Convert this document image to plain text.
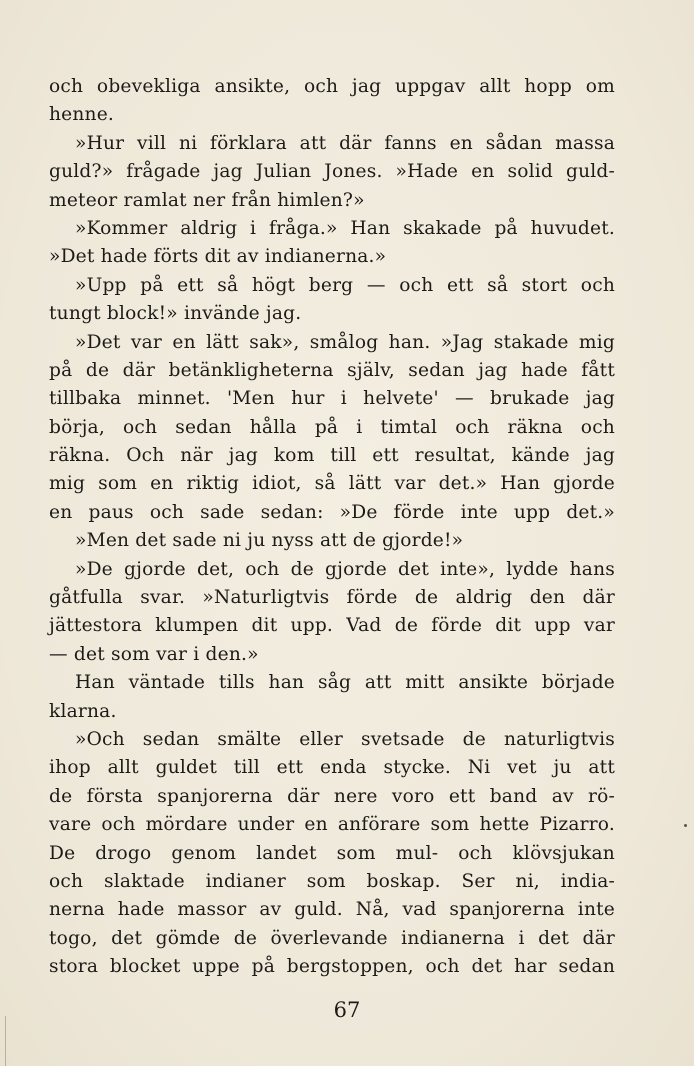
och obevekliga ansikte, och jag uppgav allt hopp om
henne.
»Hur vill ni förklara att där fanns en sådan massa
guld?» frågade jag Julian Jones. »Hade en solid guld-
meteor ramlat ner från himlen?»
»Kommer aldrig i fråga.» Han skakade på huvudet.
»Det hade förts dit av indianerna.»
»Upp på ett så högt berg — och ett så stort och
tungt block!» invände jag.
»Det var en lätt sak», smålog han. »Jag stakade mig
på de där betänkligheterna själv, sedan jag hade fått
tillbaka minnet. 'Men hur i helvete' — brukade jag
börja, och sedan hålla på i timtal och räkna och
räkna. Och när jag kom till ett resultat, kände jag
mig som en riktig idiot, så lätt var det.» Han gjorde
en paus och sade sedan: »De förde inte upp det.»
»Men det sade ni ju nyss att de gjorde!»
»De gjorde det, och de gjorde det inte», lydde hans
gåtfulla svar. »Naturligtvis förde de aldrig den där
jättestora klumpen dit upp. Vad de förde dit upp var
— det som var i den.»
Han väntade tills han såg att mitt ansikte började
klarna.
»Och sedan smälte eller svetsade de naturligtvis
ihop allt guldet till ett enda stycke. Ni vet ju att
de första spanjorerna där nere voro ett band av rö-
vare och mördare under en anförare som hette Pizarro.
De drogo genom landet som mul- och klövsjukan
och slaktade indianer som boskap. Ser ni, india-
nerna hade massor av guld. Nå, vad spanjorerna inte
togo, det gömde de överlevande indianerna i det där
stora blocket uppe på bergstoppen, och det har sedan
67
